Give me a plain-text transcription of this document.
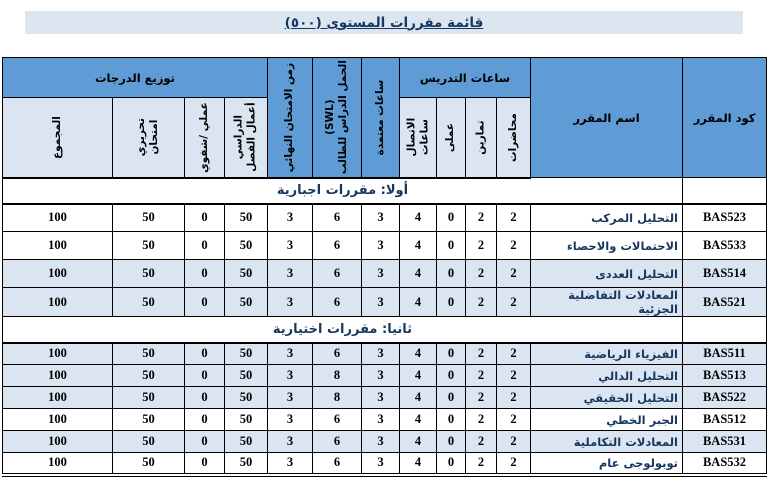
قائمة مقررات المستوى (٥٠٠)
كود المقرر	اسم المقرر	ساعات التدريس				ساعات معتمدة	(SWL) الحمل الدراس للطالب	زمن الامتحان النهائي	توزيع الدرجات			

		محاضرات	تمارين	عملى	الاتصال ساعات				الدراسي أعمال الفصل	عملي /شفوي	تحريري امتحان	المجموع

	أولا: مقررات اجبارية											
BAS523	التحليل المركب	2	2	0	4	3	6	3	50	0	50	100
BAS533	الاحتمالات والاحصاء	2	2	0	4	3	6	3	50	0	50	100
BAS514	التحليل العددى	2	2	0	4	3	6	3	50	0	50	100
BAS521	المعادلات التفاضلية الجزئية	2	2	0	4	3	6	3	50	0	50	100
	ثانيا: مقررات اختيارية											
BAS511	الفيزياء الرياضية	2	2	0	4	3	6	3	50	0	50	100
BAS513	التحليل الدالي	2	2	0	4	3	8	3	50	0	50	100
BAS522	التحليل الحقيقي	2	2	0	4	3	8	3	50	0	50	100
BAS512	الجبر الخطي	2	2	0	4	3	6	3	50	0	50	100
BAS531	المعادلات التكاملية	2	2	0	4	3	6	3	50	0	50	100
BAS532	توبولوجى عام	2	2	0	4	3	6	3	50	0	50	100
